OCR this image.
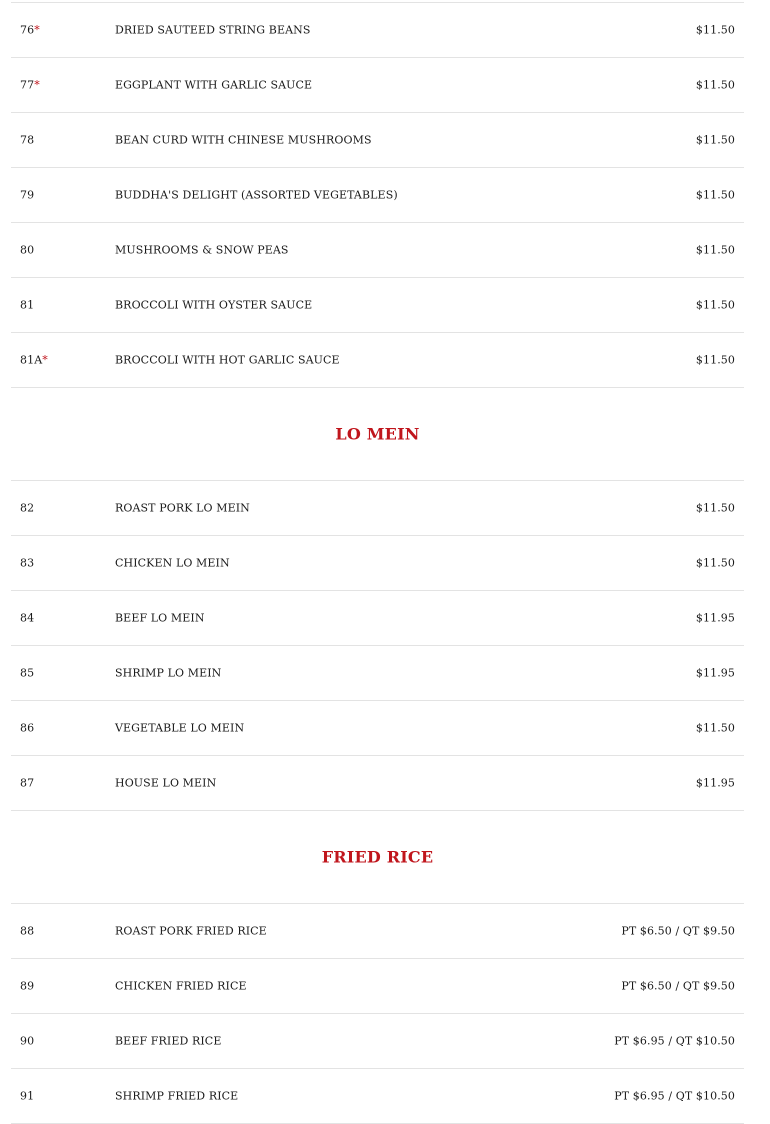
76*	DRIED SAUTEED STRING BEANS	$11.50
77*	EGGPLANT WITH GARLIC SAUCE	$11.50
78	BEAN CURD WITH CHINESE MUSHROOMS	$11.50
79	BUDDHA'S DELIGHT (ASSORTED VEGETABLES)	$11.50
80	MUSHROOMS & SNOW PEAS	$11.50
81	BROCCOLI WITH OYSTER SAUCE	$11.50
81A*	BROCCOLI WITH HOT GARLIC SAUCE	$11.50
LO MEIN
82	ROAST PORK LO MEIN	$11.50
83	CHICKEN LO MEIN	$11.50
84	BEEF LO MEIN	$11.95
85	SHRIMP LO MEIN	$11.95
86	VEGETABLE LO MEIN	$11.50
87	HOUSE LO MEIN	$11.95
FRIED RICE
88	ROAST PORK FRIED RICE	PT $6.50 / QT $9.50
89	CHICKEN FRIED RICE	PT $6.50 / QT $9.50
90	BEEF FRIED RICE	PT $6.95 / QT $10.50
91	SHRIMP FRIED RICE	PT $6.95 / QT $10.50
